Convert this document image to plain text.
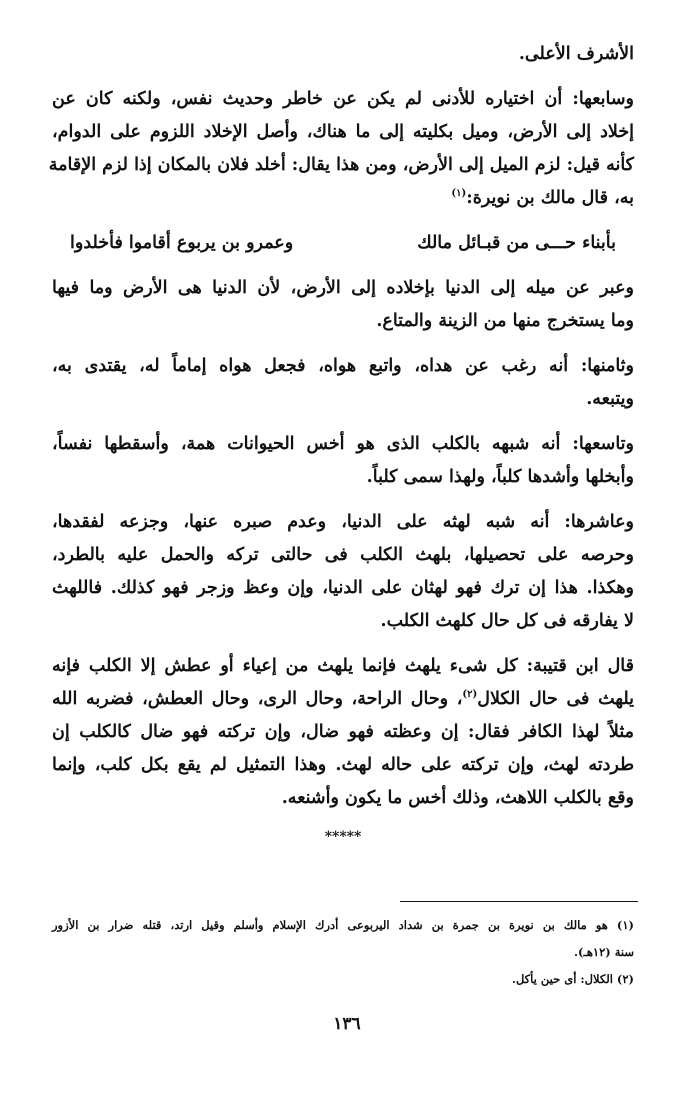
الأشرف الأعلى.
وسابعها: أن اختياره للأدنى لم يكن عن خاطر وحديث نفس، ولكنه كان عن
إخلاد إلى الأرض، وميل بكليته إلى ما هناك، وأصل الإخلاد اللزوم على الدوام،
كأنه قيل: لزم الميل إلى الأرض، ومن هذا يقال: أخلد فلان بالمكان إذا لزم الإقامة
به، قال مالك بن نويرة:$^{(١)}$
بأبناء حـــى من قبـائل مالك
وعمرو بن يربوع أقاموا فأخلدوا
وعبر عن ميله إلى الدنيا بإخلاده إلى الأرض، لأن الدنيا هى الأرض وما فيها
وما يستخرج منها من الزينة والمتاع.
وثامنها: أنه رغب عن هداه، واتبع هواه، فجعل هواه إماماً له، يقتدى به،
ويتبعه.
وتاسعها: أنه شبهه بالكلب الذى هو أخس الحيوانات همة، وأسقطها نفساً،
وأبخلها وأشدها كلباً، ولهذا سمى كلباً.
وعاشرها: أنه شبه لهثه على الدنيا، وعدم صبره عنها، وجزعه لفقدها،
وحرصه على تحصيلها، بلهث الكلب فى حالتى تركه والحمل عليه بالطرد،
وهكذا. هذا إن ترك فهو لهثان على الدنيا، وإن وعظ وزجر فهو كذلك. فاللهث
لا يفارقه فى كل حال كلهث الكلب.
قال ابن قتيبة: كل شىء يلهث فإنما يلهث من إعياء أو عطش إلا الكلب فإنه
يلهث فى حال الكلال$^{(٢)}$، وحال الراحة، وحال الرى، وحال العطش، فضربه الله
مثلاً لهذا الكافر فقال: إن وعظته فهو ضال، وإن تركته فهو ضال كالكلب إن
طردته لهث، وإن تركته على حاله لهث. وهذا التمثيل لم يقع بكل كلب، وإنما
وقع بالكلب اللاهث، وذلك أخس ما يكون وأشنعه.
*****
(١) هو مالك بن نويرة بن جمرة بن شداد اليربوعى أدرك الإسلام وأسلم وقيل ارتد، قتله ضرار بن الأزور
سنة (١٢هـ).
(٢) الكلال: أى حين يأكل.
١٣٦
